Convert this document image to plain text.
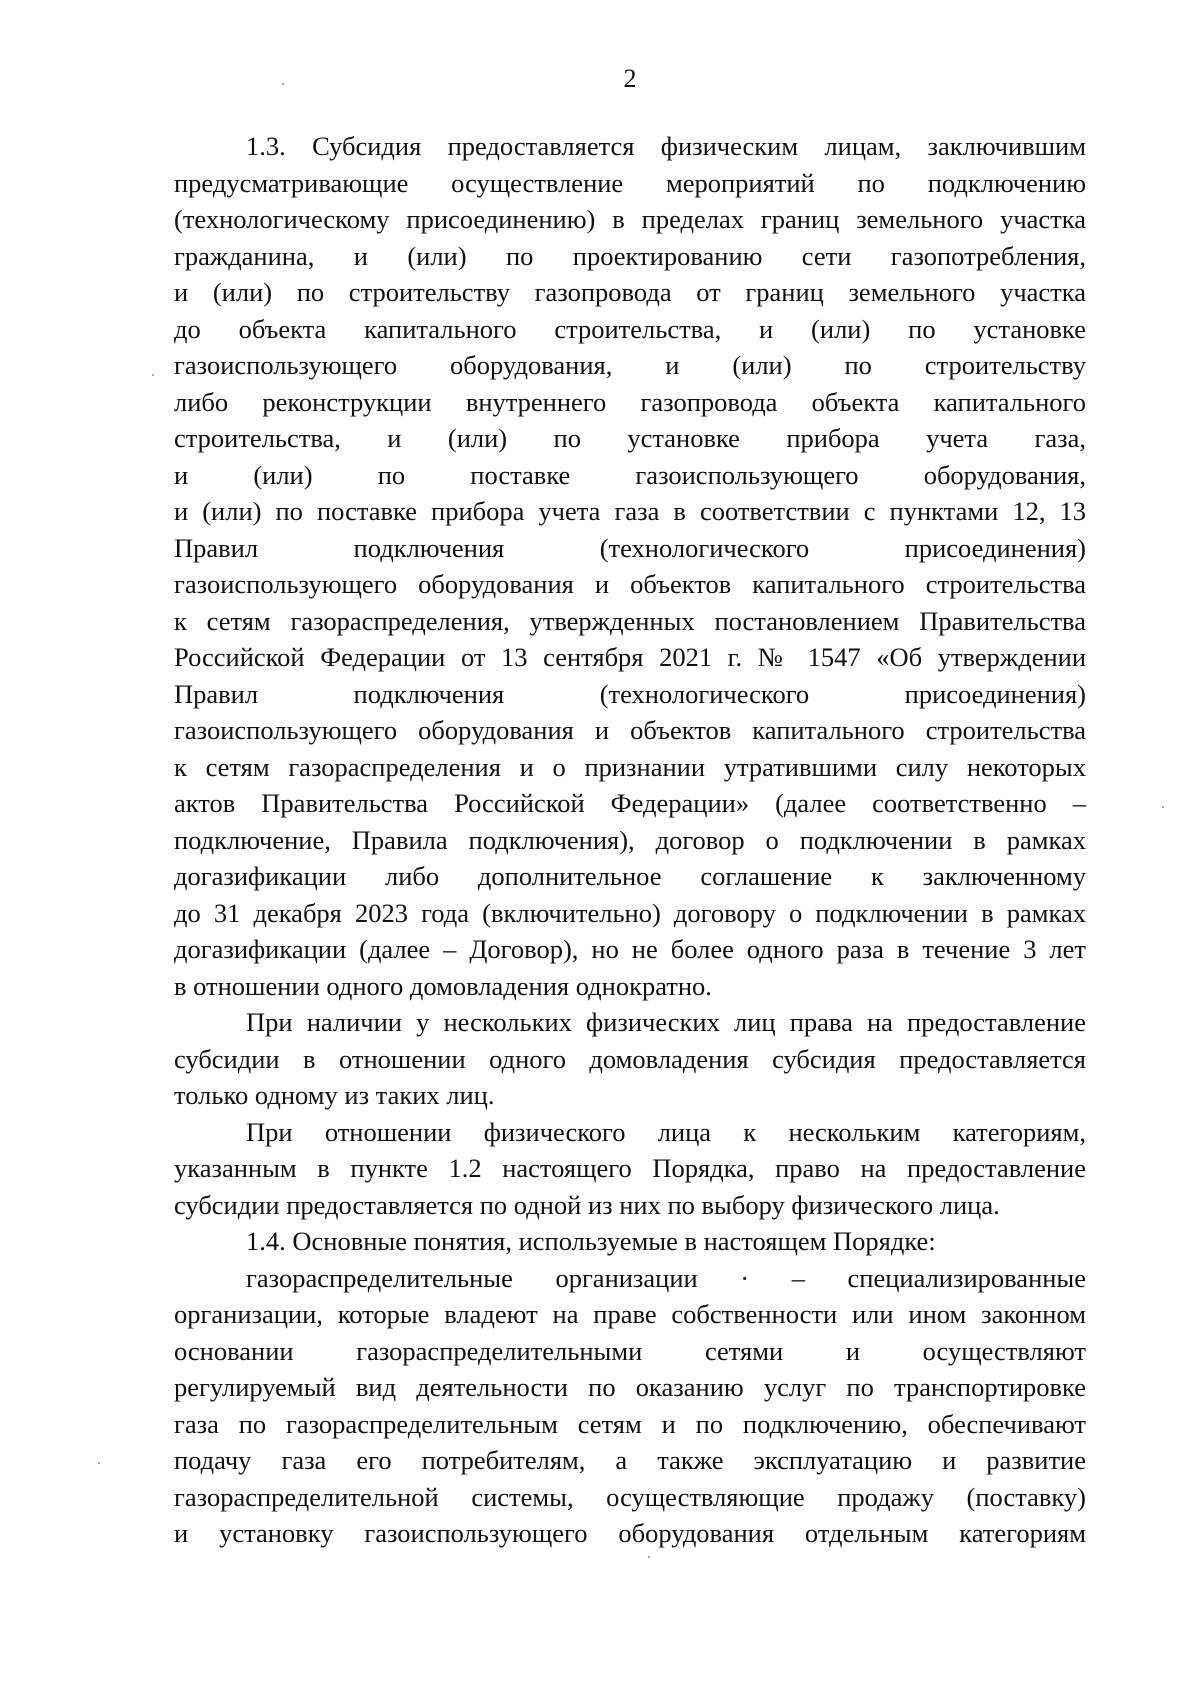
2
1.3. Субсидия предоставляется физическим лицам, заключившим
предусматривающие осуществление мероприятий по подключению
(технологическому присоединению) в пределах границ земельного участка
гражданина, и (или) по проектированию сети газопотребления,
и (или) по строительству газопровода от границ земельного участка
до объекта капитального строительства, и (или) по установке
газоиспользующего оборудования, и (или) по строительству
либо реконструкции внутреннего газопровода объекта капитального
строительства, и (или) по установке прибора учета газа,
и (или) по поставке газоиспользующего оборудования,
и (или) по поставке прибора учета газа в соответствии с пунктами 12, 13
Правил подключения (технологического присоединения)
газоиспользующего оборудования и объектов капитального строительства
к сетям газораспределения, утвержденных постановлением Правительства
Российской Федерации от 13 сентября 2021 г. № 1547 «Об утверждении
Правил подключения (технологического присоединения)
газоиспользующего оборудования и объектов капитального строительства
к сетям газораспределения и о признании утратившими силу некоторых
актов Правительства Российской Федерации» (далее соответственно –
подключение, Правила подключения), договор о подключении в рамках
догазификации либо дополнительное соглашение к заключенному
до 31 декабря 2023 года (включительно) договору о подключении в рамках
догазификации (далее – Договор), но не более одного раза в течение 3 лет
в отношении одного домовладения однократно.
При наличии у нескольких физических лиц права на предоставление
субсидии в отношении одного домовладения субсидия предоставляется
только одному из таких лиц.
При отношении физического лица к нескольким категориям,
указанным в пункте 1.2 настоящего Порядка, право на предоставление
субсидии предоставляется по одной из них по выбору физического лица.
1.4. Основные понятия, используемые в настоящем Порядке:
газораспределительные организации · – специализированные
организации, которые владеют на праве собственности или ином законном
основании газораспределительными сетями и осуществляют
регулируемый вид деятельности по оказанию услуг по транспортировке
газа по газораспределительным сетям и по подключению, обеспечивают
подачу газа его потребителям, а также эксплуатацию и развитие
газораспределительной системы, осуществляющие продажу (поставку)
и установку газоиспользующего оборудования отдельным категориям
